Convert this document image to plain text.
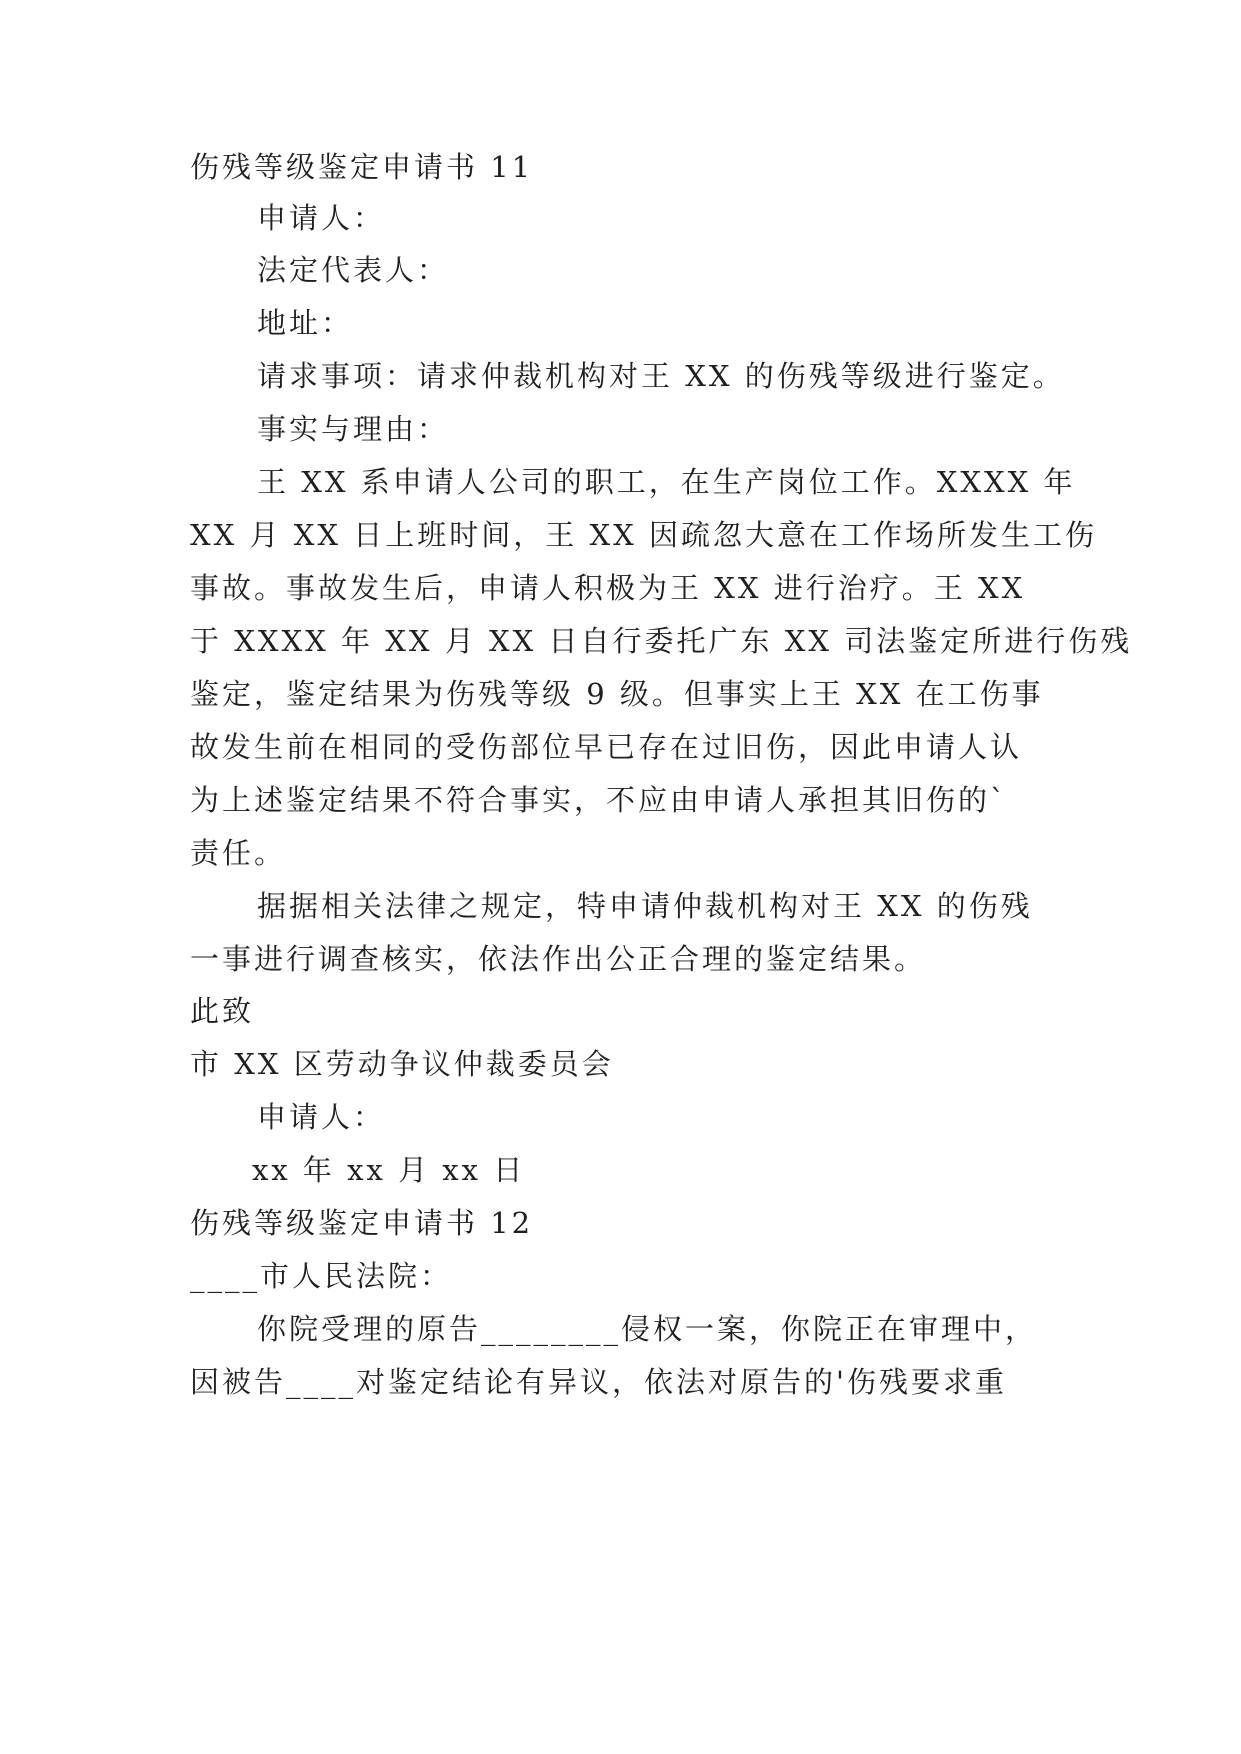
伤残等级鉴定申请书 11
申请人：
法定代表人：
地址：
请求事项：请求仲裁机构对王 XX 的伤残等级进行鉴定。
事实与理由：
王 XX 系申请人公司的职工，在生产岗位工作。XXXX 年
XX 月 XX 日上班时间，王 XX 因疏忽大意在工作场所发生工伤
事故。事故发生后，申请人积极为王 XX 进行治疗。王 XX
于 XXXX 年 XX 月 XX 日自行委托广东 XX 司法鉴定所进行伤残
鉴定，鉴定结果为伤残等级 9 级。但事实上王 XX 在工伤事
故发生前在相同的受伤部位早已存在过旧伤，因此申请人认
为上述鉴定结果不符合事实，不应由申请人承担其旧伤的`
责任。
据据相关法律之规定，特申请仲裁机构对王 XX 的伤残
一事进行调查核实，依法作出公正合理的鉴定结果。
此致
市 XX 区劳动争议仲裁委员会
申请人：
xx 年 xx 月 xx 日
伤残等级鉴定申请书 12
____市人民法院：
你院受理的原告________侵权一案，你院正在审理中，
因被告____对鉴定结论有异议，依法对原告的'伤残要求重
